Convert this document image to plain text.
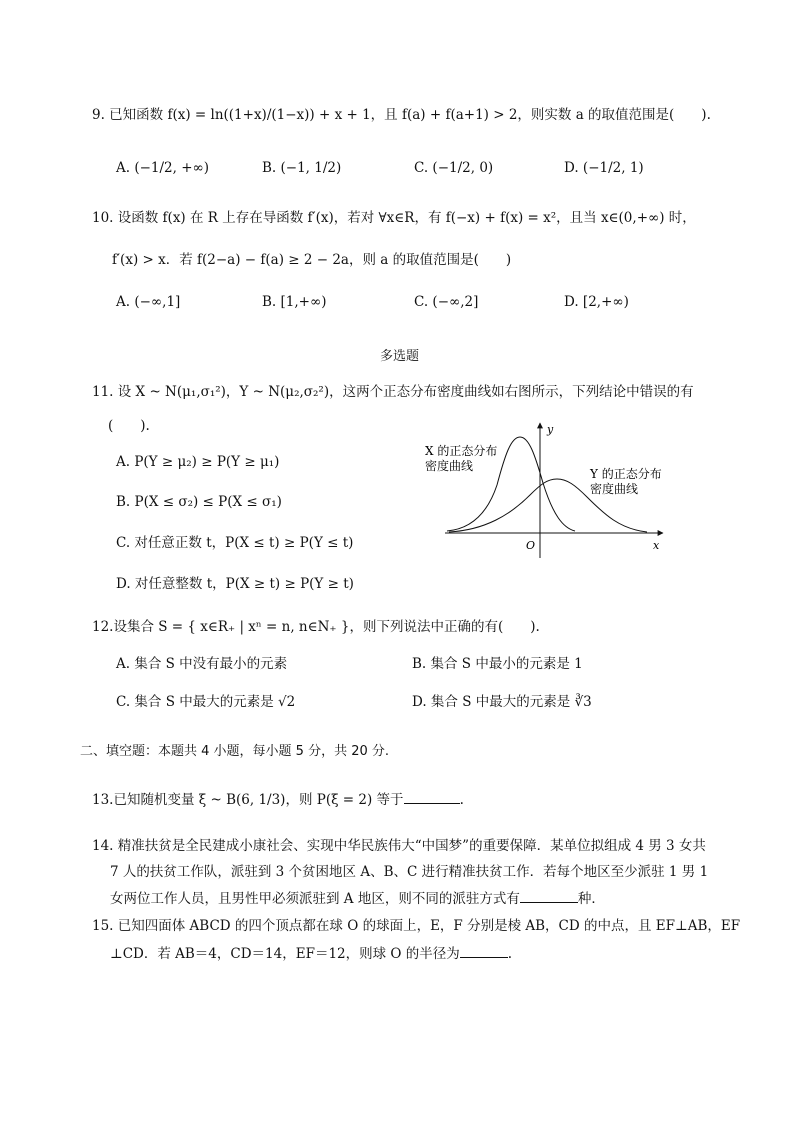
9. 已知函数 f(x) = ln((1+x)/(1−x)) + x + 1，且 f(a) + f(a+1) > 2，则实数 a 的取值范围是(　　).
A. (−1/2, +∞)	B. (−1, 1/2)	C. (−1/2, 0)	D. (−1/2, 1)
10. 设函数 f(x) 在 R 上存在导函数 f′(x)，若对 ∀x∈R，有 f(−x) + f(x) = x²，且当 x∈(0,+∞) 时，
f′(x) > x．若 f(2−a) − f(a) ≥ 2 − 2a，则 a 的取值范围是(　　)
A. (−∞,1]	B. [1,+∞)	C. (−∞,2]	D. [2,+∞)
多选题
11. 设 X ~ N(μ₁,σ₁²)，Y ~ N(μ₂,σ₂²)，这两个正态分布密度曲线如右图所示，下列结论中错误的有
(　　).
A. P(Y ≥ μ₂) ≥ P(Y ≥ μ₁)
B. P(X ≤ σ₂) ≤ P(X ≤ σ₁)
C. 对任意正数 t，P(X ≤ t) ≥ P(Y ≤ t)
D. 对任意整数 t，P(X ≥ t) ≥ P(Y ≥ t)
X 的正态分布
密度曲线
Y 的正态分布
密度曲线
y
x
O
12.设集合 S = { x∈R₊ | xⁿ = n, n∈N₊ }，则下列说法中正确的有(　　).
A. 集合 S 中没有最小的元素	B. 集合 S 中最小的元素是 1
C. 集合 S 中最大的元素是 √2	D. 集合 S 中最大的元素是 ∛3
二、填空题：本题共 4 小题，每小题 5 分，共 20 分.
13.已知随机变量 ξ ~ B(6, 1/3)，则 P(ξ = 2) 等于	.
14. 精准扶贫是全民建成小康社会、实现中华民族伟大“中国梦”的重要保障．某单位拟组成 4 男 3 女共
7 人的扶贫工作队，派驻到 3 个贫困地区 A、B、C 进行精准扶贫工作．若每个地区至少派驻 1 男 1
女两位工作人员，且男性甲必须派驻到 A 地区，则不同的派驻方式有	种．
15. 已知四面体 ABCD 的四个顶点都在球 O 的球面上，E，F 分别是棱 AB，CD 的中点，且 EF⊥AB，EF
⊥CD．若 AB＝4，CD＝14，EF＝12，则球 O 的半径为	.
